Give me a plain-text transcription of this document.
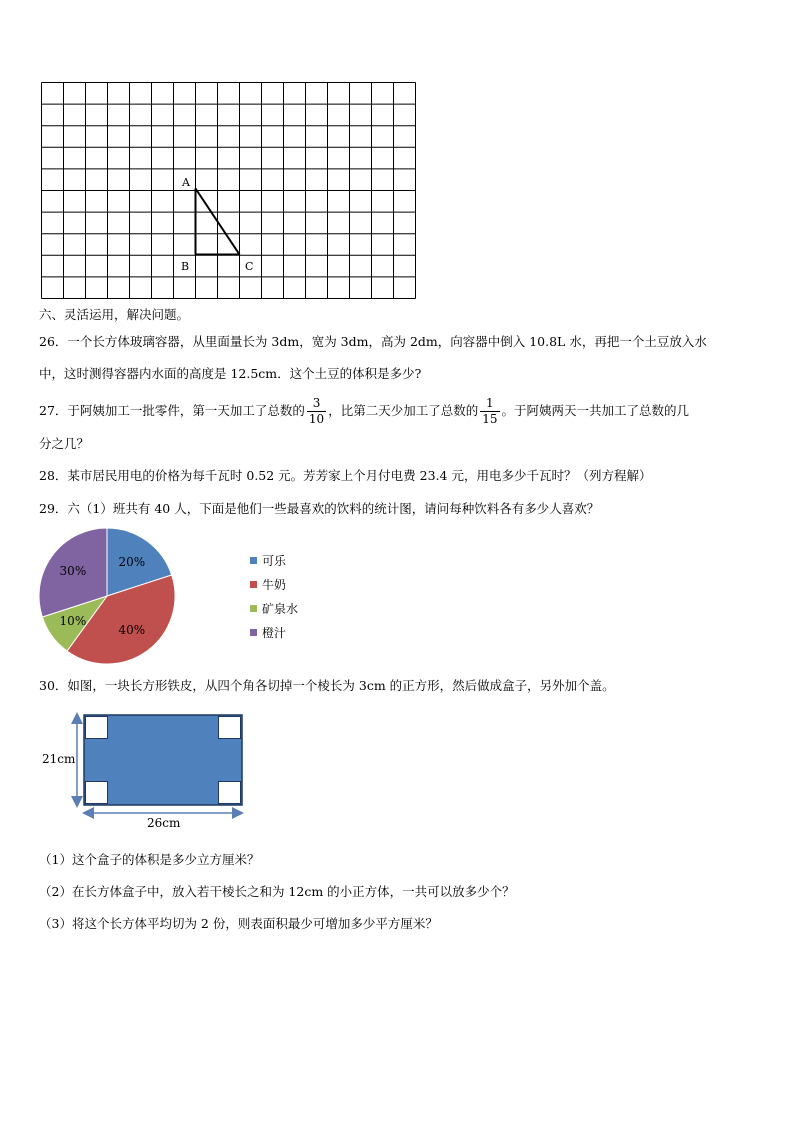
A
B	C
六、灵活运用，解决问题。
26．一个长方体玻璃容器，从里面量长为 3dm，宽为 3dm，高为 2dm，向容器中倒入 10.8L 水，再把一个土豆放入水
中，这时测得容器内水面的高度是 12.5cm．这个土豆的体积是多少?
27．于阿姨加工一批零件，第一天加工了总数的 $\frac{3}{10}$ ，比第二天少加工了总数的 $\frac{1}{15}$ 。于阿姨两天一共加工了总数的几
分之几？
28．某市居民用电的价格为每千瓦时 0.52 元。芳芳家上个月付电费 23.4 元，用电多少千瓦时？（列方程解）
29．六（1）班共有 40 人，下面是他们一些最喜欢的饮料的统计图，请问每种饮料各有多少人喜欢？
20%
40%
10%
30%
可乐
牛奶
矿泉水
橙汁
30．如图，一块长方形铁皮，从四个角各切掉一个棱长为 3cm 的正方形，然后做成盒子，另外加个盖。
21cm
26cm
（1）这个盒子的体积是多少立方厘米？
（2）在长方体盒子中，放入若干棱长之和为 12cm 的小正方体，一共可以放多少个？
（3）将这个长方体平均切为 2 份，则表面积最少可增加多少平方厘米？
